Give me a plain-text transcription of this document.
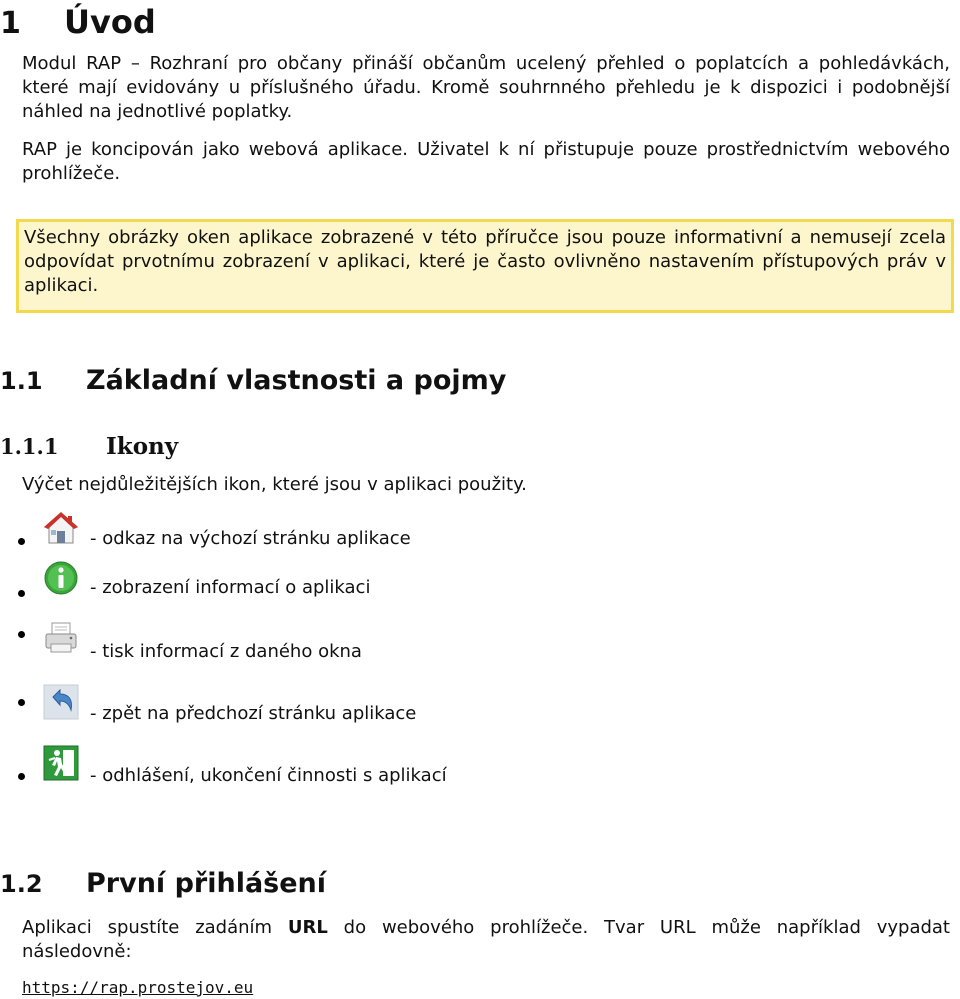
1	Úvod

Modul RAP – Rozhraní pro občany přináší občanům ucelený přehled o poplatcích a pohledávkách, které mají evidovány u příslušného úřadu. Kromě souhrnného přehledu je k dispozici i podobnější náhled na jednotlivé poplatky.

RAP je koncipován jako webová aplikace. Uživatel k ní přistupuje pouze prostřednictvím webového prohlížeče.

Všechny obrázky oken aplikace zobrazené v této příručce jsou pouze informativní a nemusejí zcela odpovídat prvotnímu zobrazení v aplikaci, které je často ovlivněno nastavením přístupových práv v aplikaci.
1.1	Základní vlastnosti a pojmy
1.1.1	Ikony

Výčet nejdůležitějších ikon, které jsou v aplikaci použity.

- odkaz na výchozí stránku aplikace
- zobrazení informací o aplikaci
- tisk informací z daného okna
- zpět na předchozí stránku aplikace
- odhlášení, ukončení činnosti s aplikací
1.2	První přihlášení

Aplikaci spustíte zadáním URL do webového prohlížeče. Tvar URL může například vypadat následovně:

https://rap.prostejov.eu
